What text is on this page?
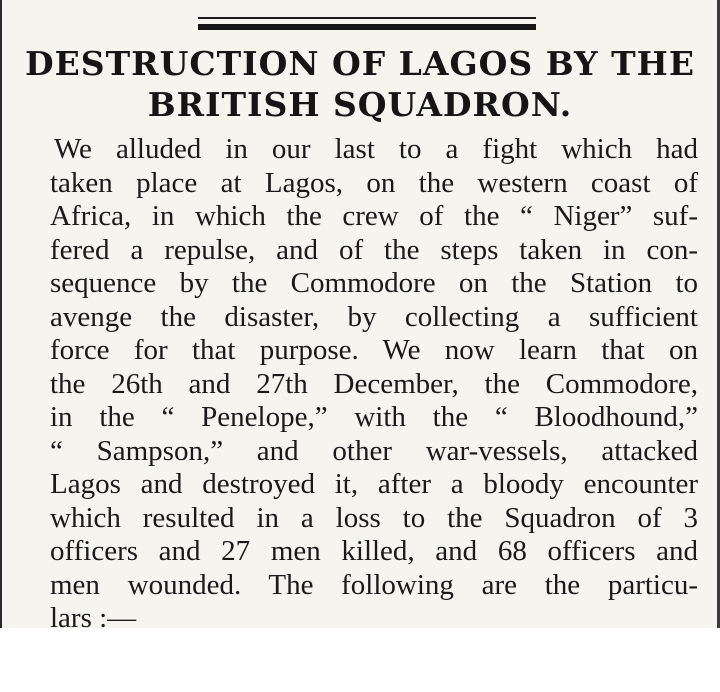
DESTRUCTION OF LAGOS BY THE
BRITISH SQUADRON.
We alluded in our last to a fight which had
taken place at Lagos, on the western coast of
Africa, in which the crew of the “ Niger” suf-
fered a repulse, and of the steps taken in con-
sequence by the Commodore on the Station to
avenge the disaster, by collecting a sufficient
force for that purpose. We now learn that on
the 26th and 27th December, the Commodore,
in the “ Penelope,” with the “ Bloodhound,”
“ Sampson,” and other war-vessels, attacked
Lagos and destroyed it, after a bloody encounter
which resulted in a loss to the Squadron of 3
officers and 27 men killed, and 68 officers and
men wounded. The following are the particu-
lars :—
